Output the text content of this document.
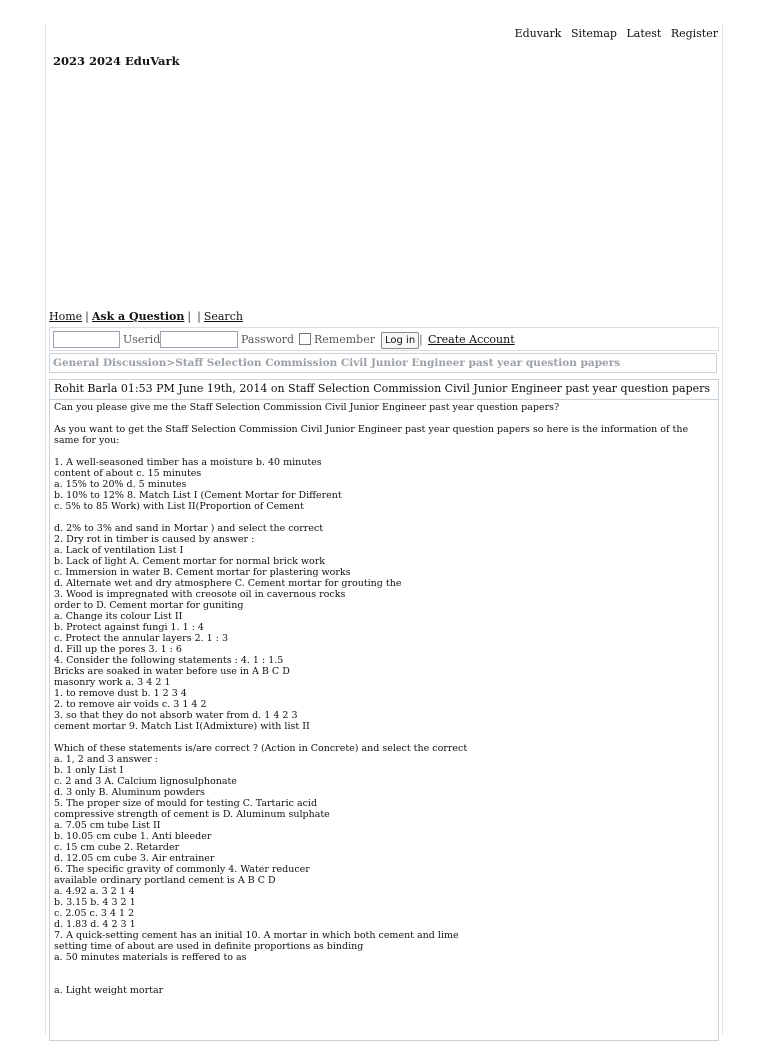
Eduvark Sitemap Latest Register
2023 2024 EduVark
Home | Ask a Question | | Search
Userid	Password Remember	Log in | Create Account
General Discussion>Staff Selection Commission Civil Junior Engineer past year question papers
Rohit Barla 01:53 PM June 19th, 2014 on Staff Selection Commission Civil Junior Engineer past year question papers
Can you please give me the Staff Selection Commission Civil Junior Engineer past year question papers?
As you want to get the Staff Selection Commission Civil Junior Engineer past year question papers so here is the information of the same for you:
1. A well-seasoned timber has a moisture b. 40 minutes
content of about c. 15 minutes
a. 15% to 20% d. 5 minutes
b. 10% to 12% 8. Match List I (Cement Mortar for Different
c. 5% to 85 Work) with List II(Proportion of Cement
d. 2% to 3% and sand in Mortar ) and select the correct
2. Dry rot in timber is caused by answer :
a. Lack of ventilation List I
b. Lack of light A. Cement mortar for normal brick work
c. Immersion in water B. Cement mortar for plastering works
d. Alternate wet and dry atmosphere C. Cement mortar for grouting the
3. Wood is impregnated with creosote oil in cavernous rocks
order to D. Cement mortar for guniting
a. Change its colour List II
b. Protect against fungi 1. 1 : 4
c. Protect the annular layers 2. 1 : 3
d. Fill up the pores 3. 1 : 6
4. Consider the following statements : 4. 1 : 1.5
Bricks are soaked in water before use in A B C D
masonry work a. 3 4 2 1
1. to remove dust b. 1 2 3 4
2. to remove air voids c. 3 1 4 2
3. so that they do not absorb water from d. 1 4 2 3
cement mortar 9. Match List I(Admixture) with list II
Which of these statements is/are correct ? (Action in Concrete) and select the correct
a. 1, 2 and 3 answer :
b. 1 only List I
c. 2 and 3 A. Calcium lignosulphonate
d. 3 only B. Aluminum powders
5. The proper size of mould for testing C. Tartaric acid
compressive strength of cement is D. Aluminum sulphate
a. 7.05 cm tube List II
b. 10.05 cm cube 1. Anti bleeder
c. 15 cm cube 2. Retarder
d. 12.05 cm cube 3. Air entrainer
6. The specific gravity of commonly 4. Water reducer
available ordinary portland cement is A B C D
a. 4.92 a. 3 2 1 4
b. 3.15 b. 4 3 2 1
c. 2.05 c. 3 4 1 2
d. 1.83 d. 4 2 3 1
7. A quick-setting cement has an initial 10. A mortar in which both cement and lime
setting time of about are used in definite proportions as binding
a. 50 minutes materials is reffered to as
a. Light weight mortar
